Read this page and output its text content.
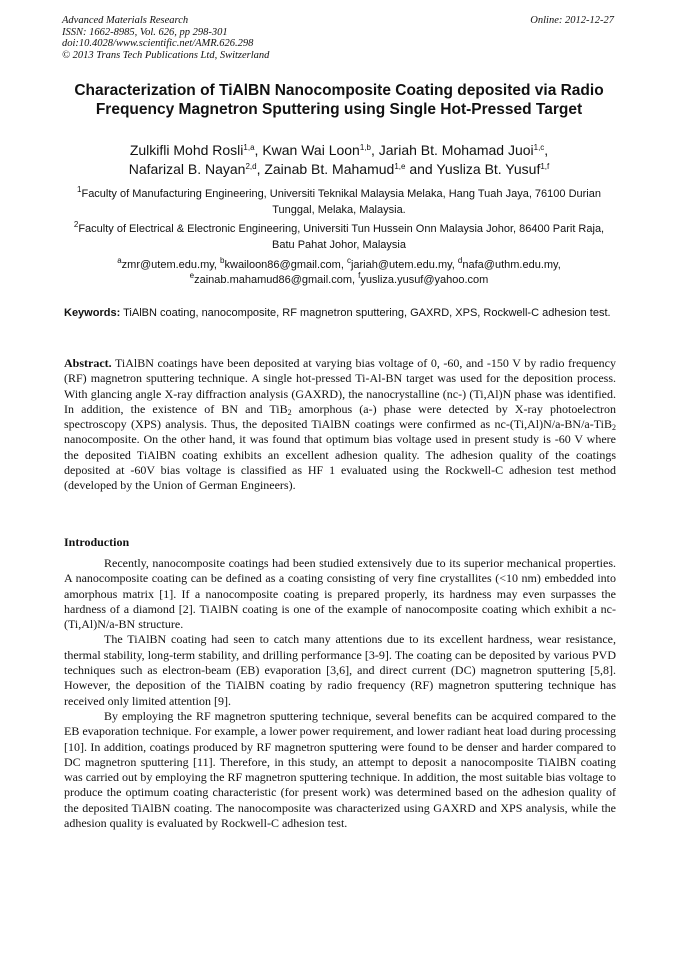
Advanced Materials Research
ISSN: 1662-8985, Vol. 626, pp 298-301
doi:10.4028/www.scientific.net/AMR.626.298
© 2013 Trans Tech Publications Ltd, Switzerland
Online: 2012-12-27
Characterization of TiAlBN Nanocomposite Coating deposited via Radio Frequency Magnetron Sputtering using Single Hot-Pressed Target
Zulkifli Mohd Rosli$^{1,a}$, Kwan Wai Loon$^{1,b}$, Jariah Bt. Mohamad Juoi$^{1,c}$,
Nafarizal B. Nayan$^{2,d}$, Zainab Bt. Mahamud$^{1,e}$ and Yusliza Bt. Yusuf$^{1,f}$
$^1$Faculty of Manufacturing Engineering, Universiti Teknikal Malaysia Melaka, Hang Tuah Jaya, 76100 Durian Tunggal, Melaka, Malaysia.
$^2$Faculty of Electrical & Electronic Engineering, Universiti Tun Hussein Onn Malaysia Johor, 86400 Parit Raja, Batu Pahat Johor, Malaysia
$^a$zmr@utem.edu.my, $^b$kwailoon86@gmail.com, $^c$jariah@utem.edu.my, $^d$nafa@uthm.edu.my,
$^e$zainab.mahamud86@gmail.com, $^f$yusliza.yusuf@yahoo.com
Keywords: TiAlBN coating, nanocomposite, RF magnetron sputtering, GAXRD, XPS, Rockwell-C adhesion test.

Abstract. TiAlBN coatings have been deposited at varying bias voltage of 0, -60, and -150 V by radio frequency (RF) magnetron sputtering technique. A single hot-pressed Ti-Al-BN target was used for the deposition process. With glancing angle X-ray diffraction analysis (GAXRD), the nanocrystalline (nc-) (Ti,Al)N phase was identified. In addition, the existence of BN and TiB$_2$ amorphous (a-) phase were detected by X-ray photoelectron spectroscopy (XPS) analysis. Thus, the deposited TiAlBN coatings were confirmed as nc-(Ti,Al)N/a-BN/a-TiB$_2$ nanocomposite. On the other hand, it was found that optimum bias voltage used in present study is -60 V where the deposited TiAlBN coating exhibits an excellent adhesion quality. The adhesion quality of the coatings deposited at -60V bias voltage is classified as HF 1 evaluated using the Rockwell-C adhesion test method (developed by the Union of German Engineers).

Introduction

Recently, nanocomposite coatings had been studied extensively due to its superior mechanical properties. A nanocomposite coating can be defined as a coating consisting of very fine crystallites (<10 nm) embedded into amorphous matrix [1]. If a nanocomposite coating is prepared properly, its hardness may even surpasses the hardness of a diamond [2]. TiAlBN coating is one of the example of nanocomposite coating which exhibit a nc-(Ti,Al)N/a-BN structure.

The TiAlBN coating had seen to catch many attentions due to its excellent hardness, wear resistance, thermal stability, long-term stability, and drilling performance [3-9]. The coating can be deposited by various PVD techniques such as electron-beam (EB) evaporation [3,6], and direct current (DC) magnetron sputtering [5,8]. However, the deposition of the TiAlBN coating by radio frequency (RF) magnetron sputtering technique has received only limited attention [9].

By employing the RF magnetron sputtering technique, several benefits can be acquired compared to the EB evaporation technique. For example, a lower power requirement, and lower radiant heat load during processing [10]. In addition, coatings produced by RF magnetron sputtering were found to be denser and harder compared to DC magnetron sputtering [11]. Therefore, in this study, an attempt to deposit a nanocomposite TiAlBN coating was carried out by employing the RF magnetron sputtering technique. In addition, the most suitable bias voltage to produce the optimum coating characteristic (for present work) was determined based on the adhesion quality of the deposited TiAlBN coating. The nanocomposite was characterized using GAXRD and XPS analysis, while the adhesion quality is evaluated by Rockwell-C adhesion test.
